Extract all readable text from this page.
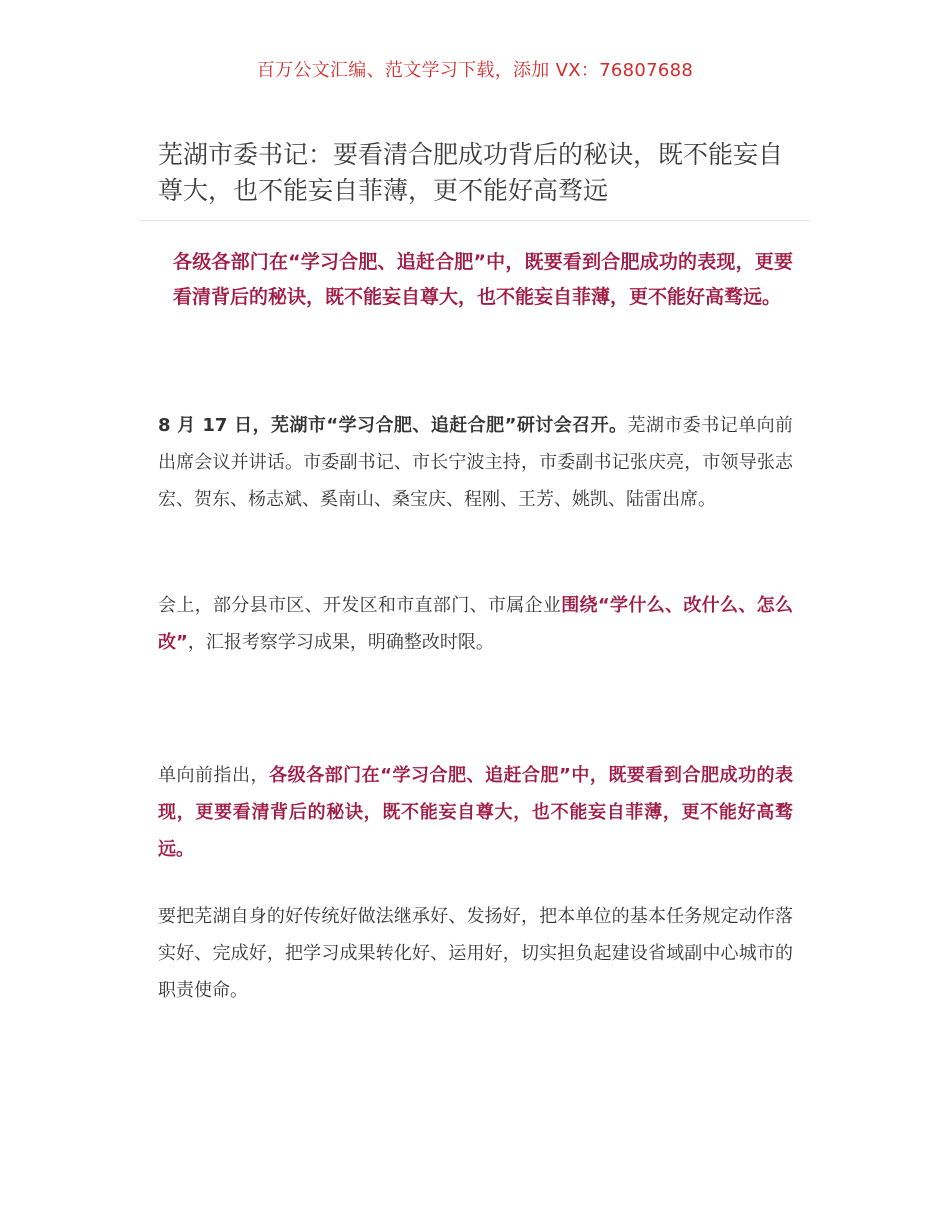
百万公文汇编、范文学习下载，添加 VX：76807688
芜湖市委书记：要看清合肥成功背后的秘诀，既不能妄自尊大，也不能妄自菲薄，更不能好高骛远

各级各部门在“学习合肥、追赶合肥”中，既要看到合肥成功的表现，更要看清背后的秘诀，既不能妄自尊大，也不能妄自菲薄，更不能好高骛远。

8 月 17 日，芜湖市“学习合肥、追赶合肥”研讨会召开。芜湖市委书记单向前出席会议并讲话。市委副书记、市长宁波主持，市委副书记张庆亮，市领导张志宏、贺东、杨志斌、奚南山、桑宝庆、程刚、王芳、姚凯、陆雷出席。

会上，部分县市区、开发区和市直部门、市属企业围绕“学什么、改什么、怎么改”，汇报考察学习成果，明确整改时限。

单向前指出，各级各部门在“学习合肥、追赶合肥”中，既要看到合肥成功的表现，更要看清背后的秘诀，既不能妄自尊大，也不能妄自菲薄，更不能好高骛远。

要把芜湖自身的好传统好做法继承好、发扬好，把本单位的基本任务规定动作落实好、完成好，把学习成果转化好、运用好，切实担负起建设省域副中心城市的职责使命。
